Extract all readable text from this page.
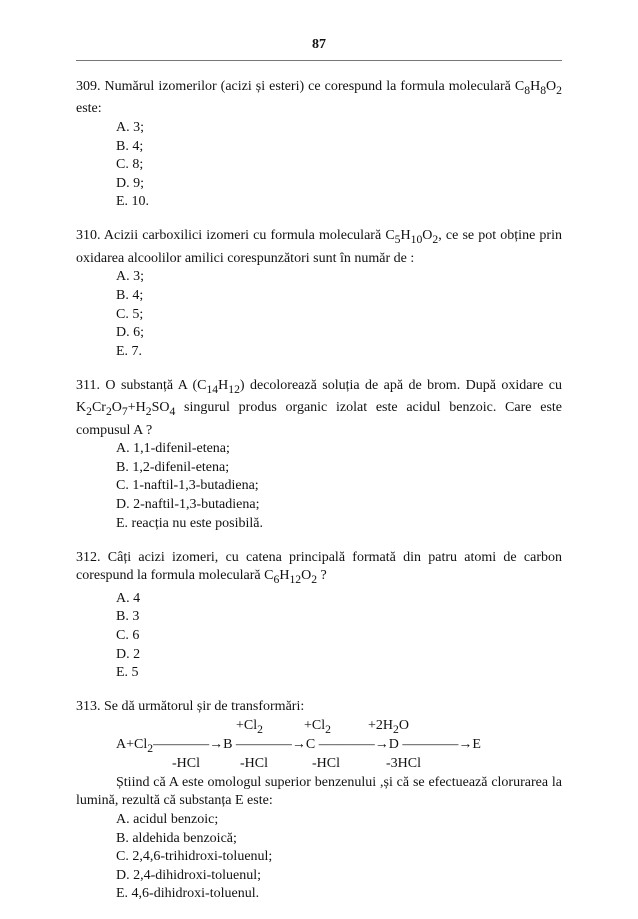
87
309. Numărul izomerilor (acizi și esteri) ce corespund la formula moleculară $C_8H_8O_2$ este:
A. 3;
B. 4;
C. 8;
D. 9;
E. 10.
310. Acizii carboxilici izomeri cu formula moleculară $C_5H_{10}O_2$, ce se pot obține prin oxidarea alcoolilor amilici corespunzători sunt în număr de :
A. 3;
B. 4;
C. 5;
D. 6;
E. 7.
311. O substanță A $(C_{14}H_{12})$ decolorează soluția de apă de brom. După oxidare cu $K_2Cr_2O_7+H_2SO_4$ singurul produs organic izolat este acidul benzoic. Care este compusul A ?
A. 1,1-difenil-etena;
B. 1,2-difenil-etena;
C. 1-naftil-1,3-butadiena;
D. 2-naftil-1,3-butadiena;
E. reacția nu este posibilă.
312. Câți acizi izomeri, cu catena principală formată din patru atomi de carbon corespund la formula moleculară $C_6H_{12}O_2$ ?
A. 4
B. 3
C. 6
D. 2
E. 5
313. Se dă următorul șir de transformări:
$+Cl_2$	$+Cl_2$	$+2H_2O$
$A+Cl_2————\to B$ ————→C ————→D ————→E
-HCl	-HCl	-HCl	-3HCl
Știind că A este omologul superior benzenului ,și că se efectuează clorurarea la lumină, rezultă că substanța E este:
A. acidul benzoic;
B. aldehida benzoică;
C. 2,4,6-trihidroxi-toluenul;
D. 2,4-dihidroxi-toluenul;
E. 4,6-dihidroxi-toluenul.
